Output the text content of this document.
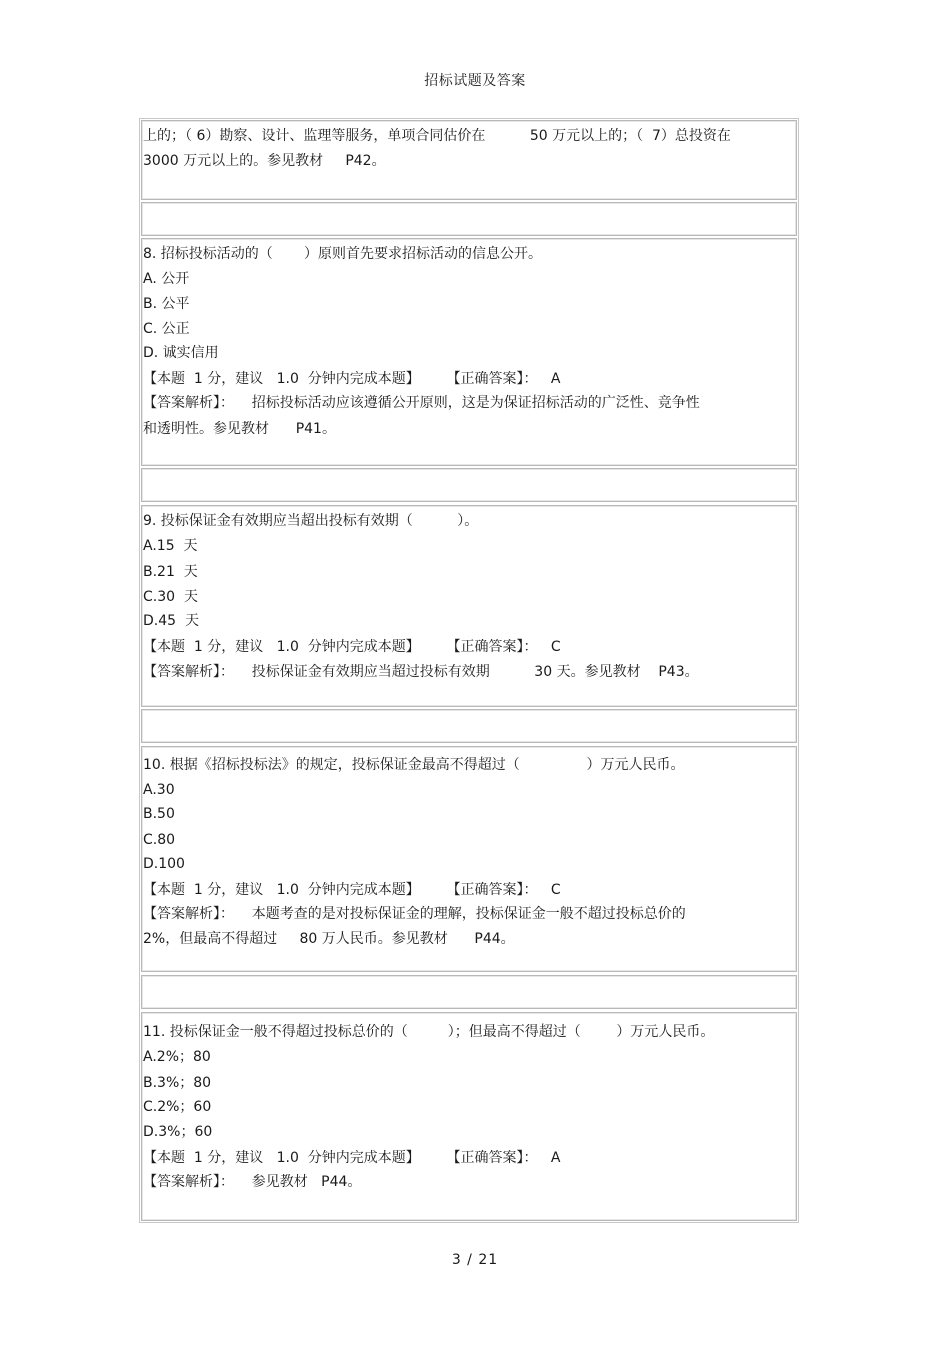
招标试题及答案
上的；（ 6）勘察、设计、监理等服务，单项合同估价在          50 万元以上的；（  7）总投资在
3000 万元以上的。参见教材     P42。
8. 招标投标活动的（       ）原则首先要求招标活动的信息公开。
A. 公开
B. 公平
C. 公正
D. 诚实信用
【本题  1 分，建议   1.0  分钟内完成本题】      【正确答案】：   A
【答案解析】：    招标投标活动应该遵循公开原则，这是为保证招标活动的广泛性、竞争性
和透明性。参见教材      P41。
9. 投标保证金有效期应当超出投标有效期（          ）。
A.15  天
B.21  天
C.30  天
D.45  天
【本题  1 分，建议   1.0  分钟内完成本题】      【正确答案】：   C
【答案解析】：    投标保证金有效期应当超过投标有效期          30 天。参见教材    P43。
10. 根据《招标投标法》的规定，投标保证金最高不得超过（               ）万元人民币。
A.30
B.50
C.80
D.100
【本题  1 分，建议   1.0  分钟内完成本题】      【正确答案】：   C
【答案解析】：    本题考查的是对投标保证金的理解，投标保证金一般不超过投标总价的
2%，但最高不得超过     80 万人民币。参见教材      P44。
11. 投标保证金一般不得超过投标总价的（         ）；但最高不得超过（        ）万元人民币。
A.2%；80
B.3%；80
C.2%；60
D.3%；60
【本题  1 分，建议   1.0  分钟内完成本题】      【正确答案】：   A
【答案解析】：    参见教材   P44。
3 / 21
